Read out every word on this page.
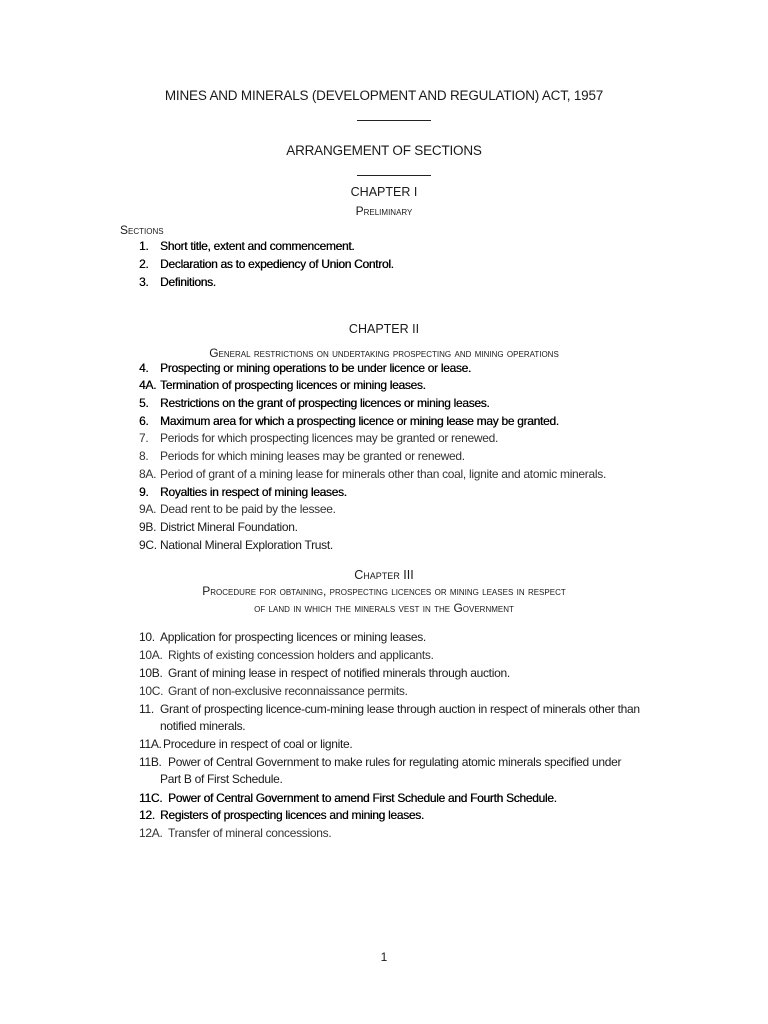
MINES AND MINERALS (DEVELOPMENT AND REGULATION) ACT, 1957
ARRANGEMENT OF SECTIONS
CHAPTER I
Preliminary
Sections
1. Short title, extent and commencement.
2. Declaration as to expediency of Union Control.
3. Definitions.
CHAPTER II
General restrictions on undertaking prospecting and mining operations
4. Prospecting or mining operations to be under licence or lease.
4A. Termination of prospecting licences or mining leases.
5. Restrictions on the grant of prospecting licences or mining leases.
6. Maximum area for which a prospecting licence or mining lease may be granted.
7. Periods for which prospecting licences may be granted or renewed.
8. Periods for which mining leases may be granted or renewed.
8A. Period of grant of a mining lease for minerals other than coal, lignite and atomic minerals.
9. Royalties in respect of mining leases.
9A. Dead rent to be paid by the lessee.
9B. District Mineral Foundation.
9C. National Mineral Exploration Trust.
Chapter III
Procedure for obtaining, prospecting licences or mining leases in respect
of land in which the minerals vest in the Government
10. Application for prospecting licences or mining leases.
10A. Rights of existing concession holders and applicants.
10B. Grant of mining lease in respect of notified minerals through auction.
10C. Grant of non-exclusive reconnaissance permits.
11. Grant of prospecting licence-cum-mining lease through auction in respect of minerals other than
notified minerals.
11A. Procedure in respect of coal or lignite.
11B. Power of Central Government to make rules for regulating atomic minerals specified under
Part B of First Schedule.
11C. Power of Central Government to amend First Schedule and Fourth Schedule.
12. Registers of prospecting licences and mining leases.
12A. Transfer of mineral concessions.
1
